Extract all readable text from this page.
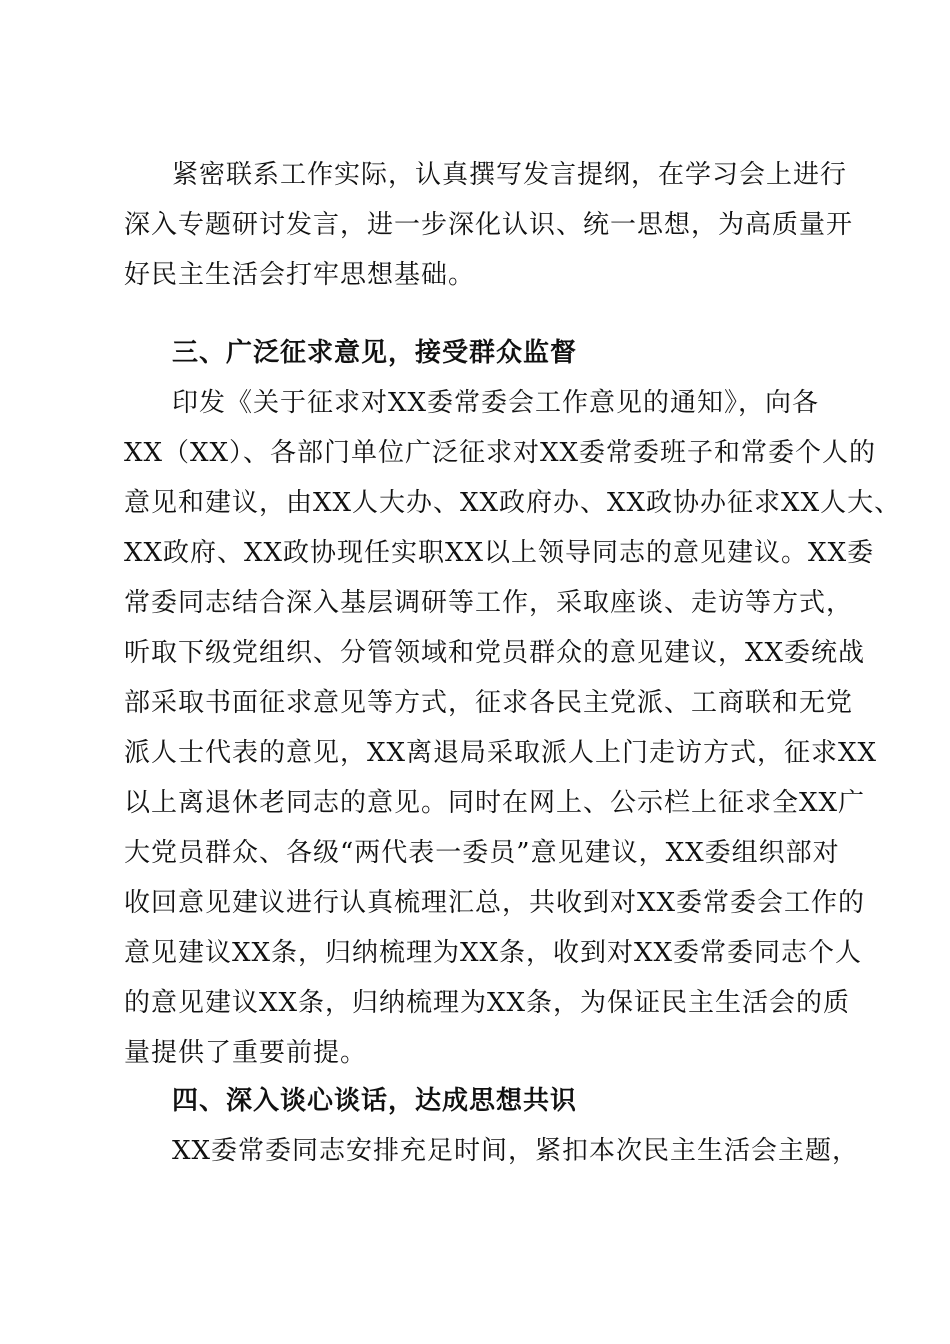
紧密联系工作实际，认真撰写发言提纲，在学习会上进行

深入专题研讨发言，进一步深化认识、统一思想，为高质量开

好民主生活会打牢思想基础。

三、广泛征求意见，接受群众监督

印发《关于征求对XX委常委会工作意见的通知》，向各

XX（XX）、各部门单位广泛征求对XX委常委班子和常委个人的

意见和建议，由XX人大办、XX政府办、XX政协办征求XX人大、

XX政府、XX政协现任实职XX以上领导同志的意见建议。XX委

常委同志结合深入基层调研等工作，采取座谈、走访等方式，

听取下级党组织、分管领域和党员群众的意见建议，XX委统战

部采取书面征求意见等方式，征求各民主党派、工商联和无党

派人士代表的意见，XX离退局采取派人上门走访方式，征求XX

以上离退休老同志的意见。同时在网上、公示栏上征求全XX广

大党员群众、各级“两代表一委员”意见建议，XX委组织部对

收回意见建议进行认真梳理汇总，共收到对XX委常委会工作的

意见建议XX条，归纳梳理为XX条，收到对XX委常委同志个人

的意见建议XX条，归纳梳理为XX条，为保证民主生活会的质

量提供了重要前提。

四、深入谈心谈话，达成思想共识

XX委常委同志安排充足时间，紧扣本次民主生活会主题，
